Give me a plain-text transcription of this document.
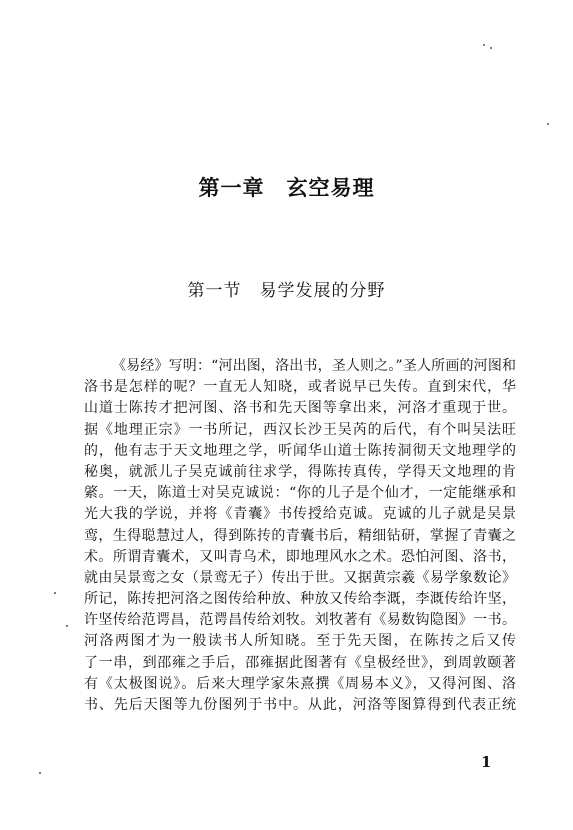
第一章　玄空易理
第一节　易学发展的分野
《易经》写明：“河出图，洛出书，圣人则之。”圣人所画的河图和
洛书是怎样的呢？一直无人知晓，或者说早已失传。直到宋代，华
山道士陈抟才把河图、洛书和先天图等拿出来，河洛才重现于世。
据《地理正宗》一书所记，西汉长沙王吴芮的后代，有个叫吴法旺
的，他有志于天文地理之学，听闻华山道士陈抟洞彻天文地理学的
秘奥，就派儿子吴克诚前往求学，得陈抟真传，学得天文地理的肯
綮。一天，陈道士对吴克诚说：“你的儿子是个仙才，一定能继承和
光大我的学说，并将《青囊》书传授给克诚。克诚的儿子就是吴景
鸾，生得聪慧过人，得到陈抟的青囊书后，精细钻研，掌握了青囊之
术。所谓青囊术，又叫青乌术，即地理风水之术。恐怕河图、洛书，
就由吴景鸾之女（景鸾无子）传出于世。又据黄宗羲《易学象数论》
所记，陈抟把河洛之图传给种放、种放又传给李溉，李溉传给许坚，
许坚传给范谔昌，范谔昌传给刘牧。刘牧著有《易数钩隐图》一书。
河洛两图才为一般读书人所知晓。至于先天图，在陈抟之后又传
了一串，到邵雍之手后，邵雍据此图著有《皇极经世》，到周敦颐著
有《太极图说》。后来大理学家朱熹撰《周易本义》，又得河图、洛
书、先后天图等九份图列于书中。从此，河洛等图算得到代表正统
1
